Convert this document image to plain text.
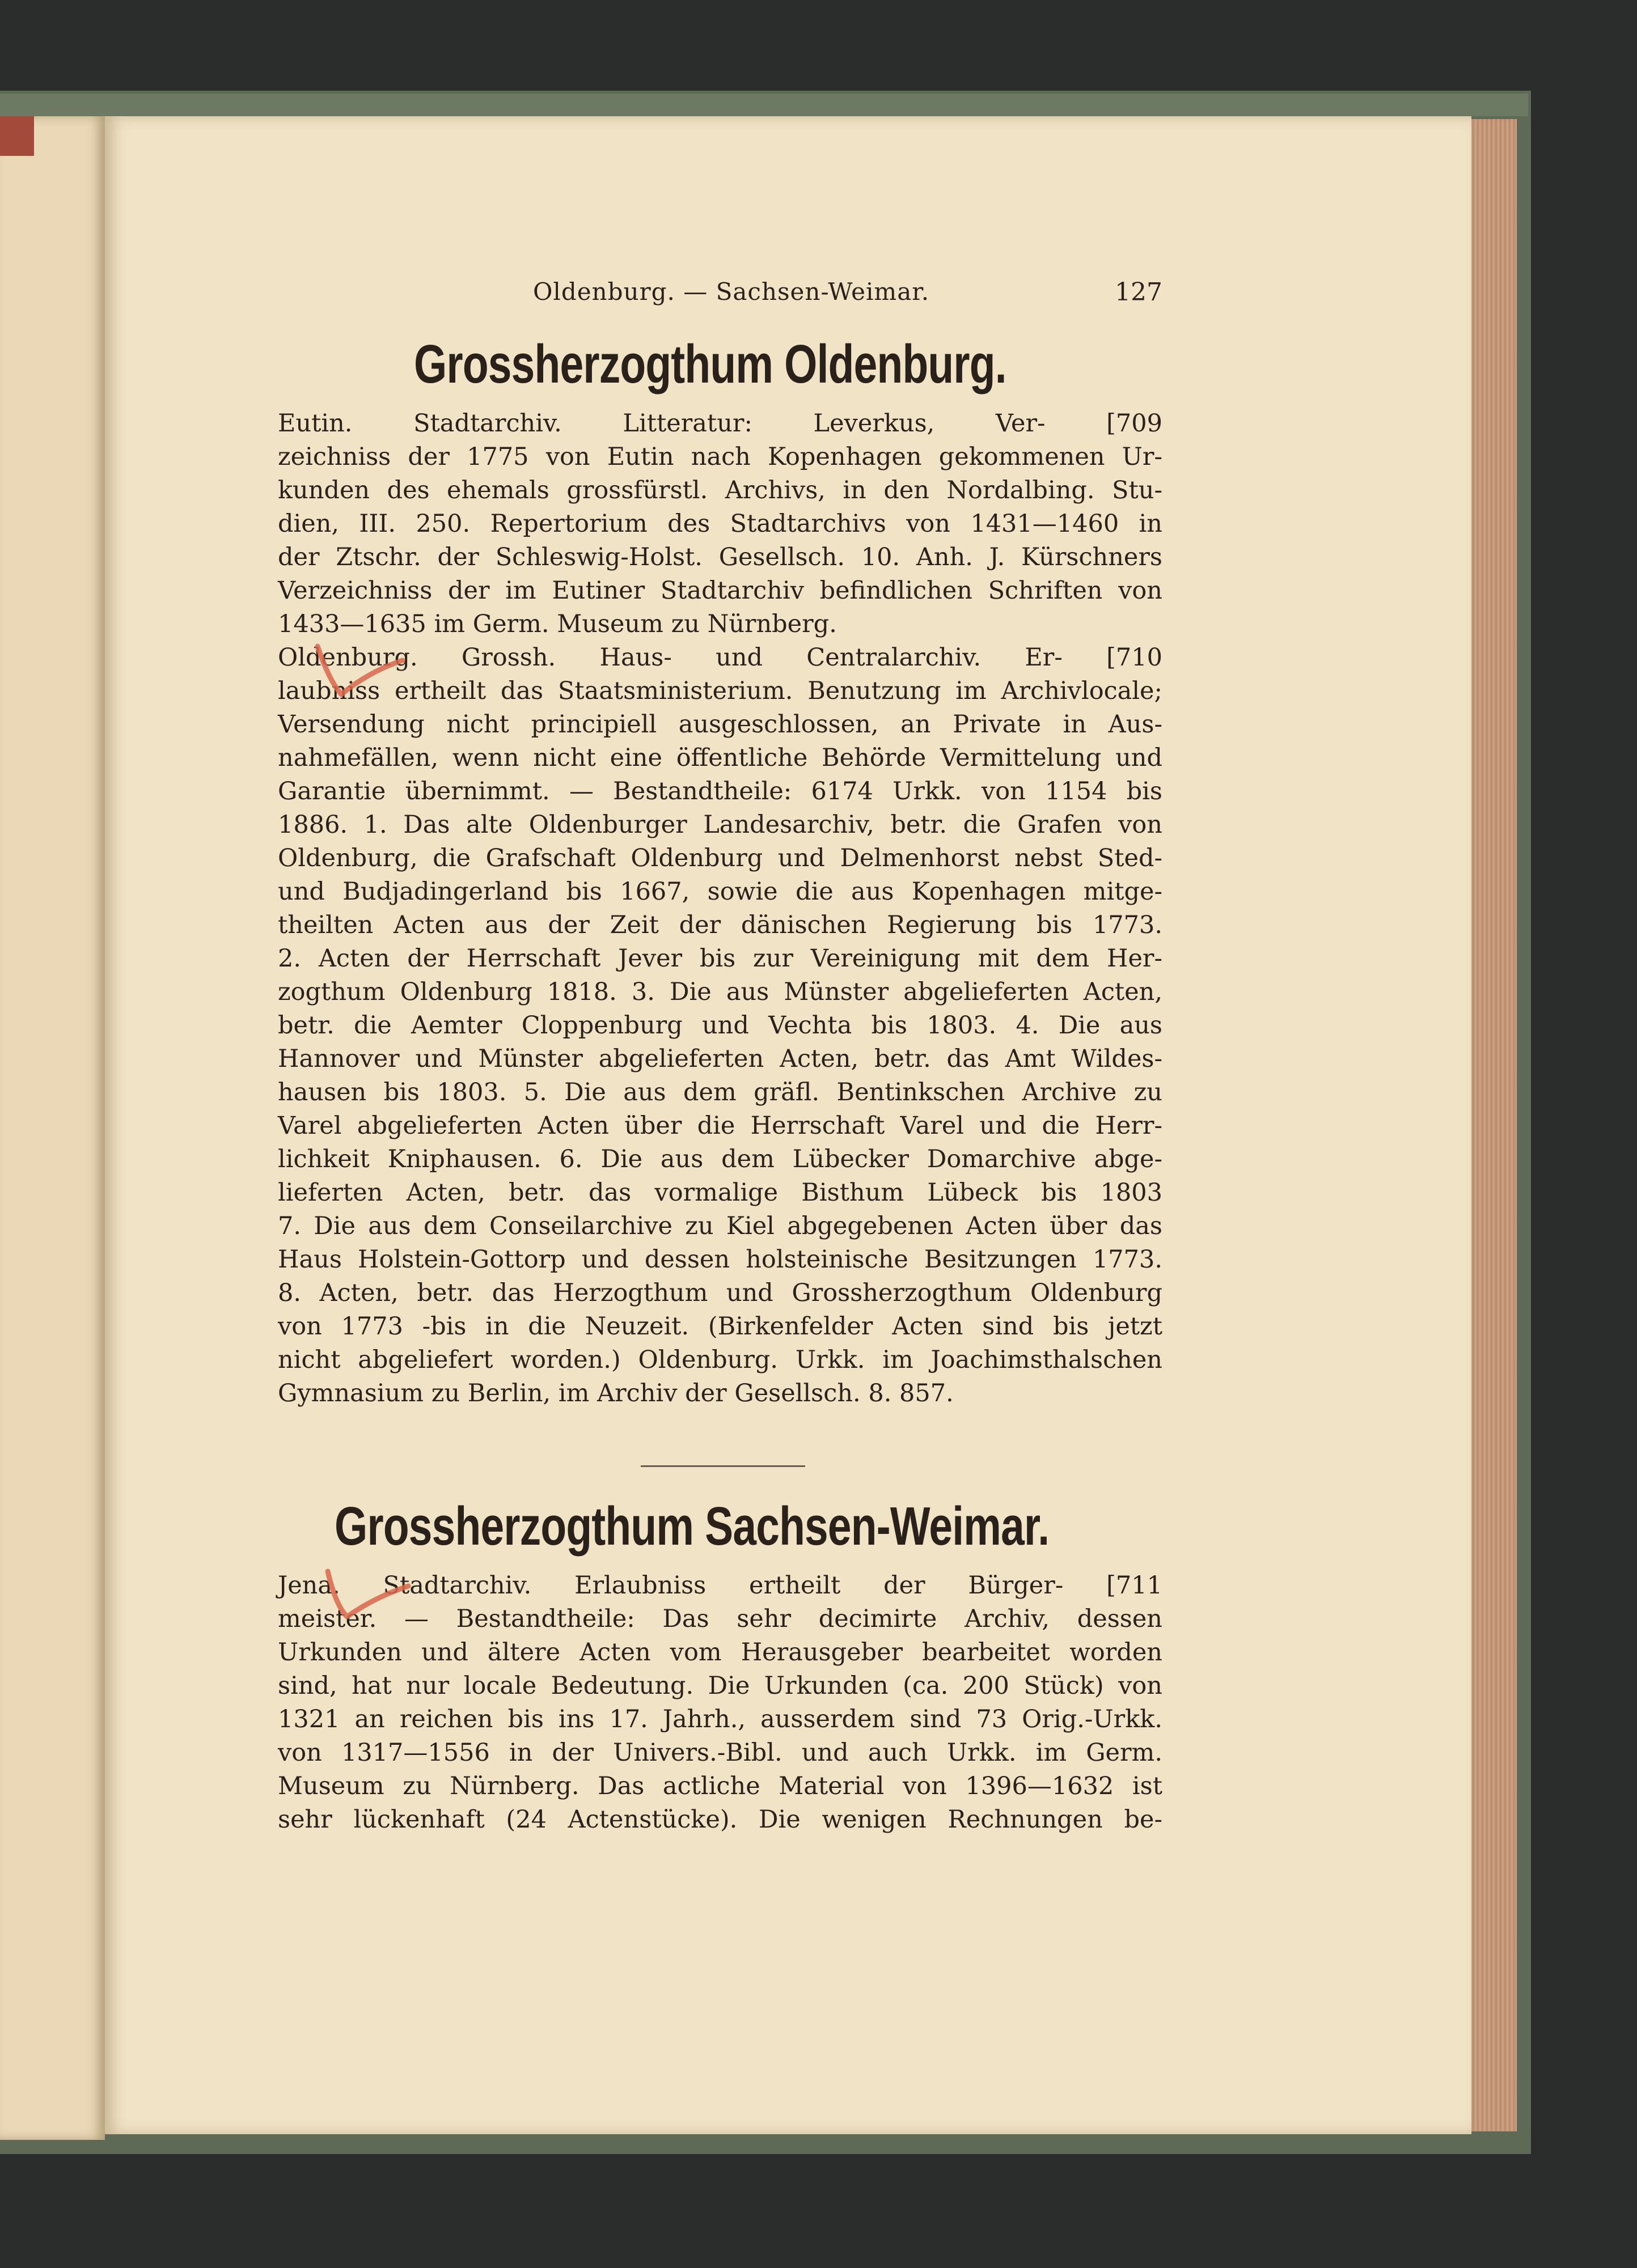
Oldenburg. — Sachsen-Weimar.	127
Grossherzogthum Oldenburg.
Eutin. Stadtarchiv. Litteratur: Leverkus, Ver- [709
zeichniss der 1775 von Eutin nach Kopenhagen gekommenen Ur-
kunden des ehemals grossfürstl. Archivs, in den Nordalbing. Stu-
dien, III. 250. Repertorium des Stadtarchivs von 1431—1460 in
der Ztschr. der Schleswig-Holst. Gesellsch. 10. Anh. J. Kürschners
Verzeichniss der im Eutiner Stadtarchiv befindlichen Schriften von
1433—1635 im Germ. Museum zu Nürnberg.
Oldenburg. Grossh. Haus- und Centralarchiv. Er- [710
laubniss ertheilt das Staatsministerium. Benutzung im Archivlocale;
Versendung nicht principiell ausgeschlossen, an Private in Aus-
nahmefällen, wenn nicht eine öffentliche Behörde Vermittelung und
Garantie übernimmt. — Bestandtheile: 6174 Urkk. von 1154 bis
1886. 1. Das alte Oldenburger Landesarchiv, betr. die Grafen von
Oldenburg, die Grafschaft Oldenburg und Delmenhorst nebst Sted-
und Budjadingerland bis 1667, sowie die aus Kopenhagen mitge-
theilten Acten aus der Zeit der dänischen Regierung bis 1773.
2. Acten der Herrschaft Jever bis zur Vereinigung mit dem Her-
zogthum Oldenburg 1818. 3. Die aus Münster abgelieferten Acten,
betr. die Aemter Cloppenburg und Vechta bis 1803. 4. Die aus
Hannover und Münster abgelieferten Acten, betr. das Amt Wildes-
hausen bis 1803. 5. Die aus dem gräfl. Bentinkschen Archive zu
Varel abgelieferten Acten über die Herrschaft Varel und die Herr-
lichkeit Kniphausen. 6. Die aus dem Lübecker Domarchive abge-
lieferten Acten, betr. das vormalige Bisthum Lübeck bis 1803
7. Die aus dem Conseilarchive zu Kiel abgegebenen Acten über das
Haus Holstein-Gottorp und dessen holsteinische Besitzungen 1773.
8. Acten, betr. das Herzogthum und Grossherzogthum Oldenburg
von 1773 -bis in die Neuzeit. (Birkenfelder Acten sind bis jetzt
nicht abgeliefert worden.) Oldenburg. Urkk. im Joachimsthalschen
Gymnasium zu Berlin, im Archiv der Gesellsch. 8. 857.
Grossherzogthum Sachsen-Weimar.
Jena. Stadtarchiv. Erlaubniss ertheilt der Bürger- [711
meister. — Bestandtheile: Das sehr decimirte Archiv, dessen
Urkunden und ältere Acten vom Herausgeber bearbeitet worden
sind, hat nur locale Bedeutung. Die Urkunden (ca. 200 Stück) von
1321 an reichen bis ins 17. Jahrh., ausserdem sind 73 Orig.-Urkk.
von 1317—1556 in der Univers.-Bibl. und auch Urkk. im Germ.
Museum zu Nürnberg. Das actliche Material von 1396—1632 ist
sehr lückenhaft (24 Actenstücke). Die wenigen Rechnungen be-
